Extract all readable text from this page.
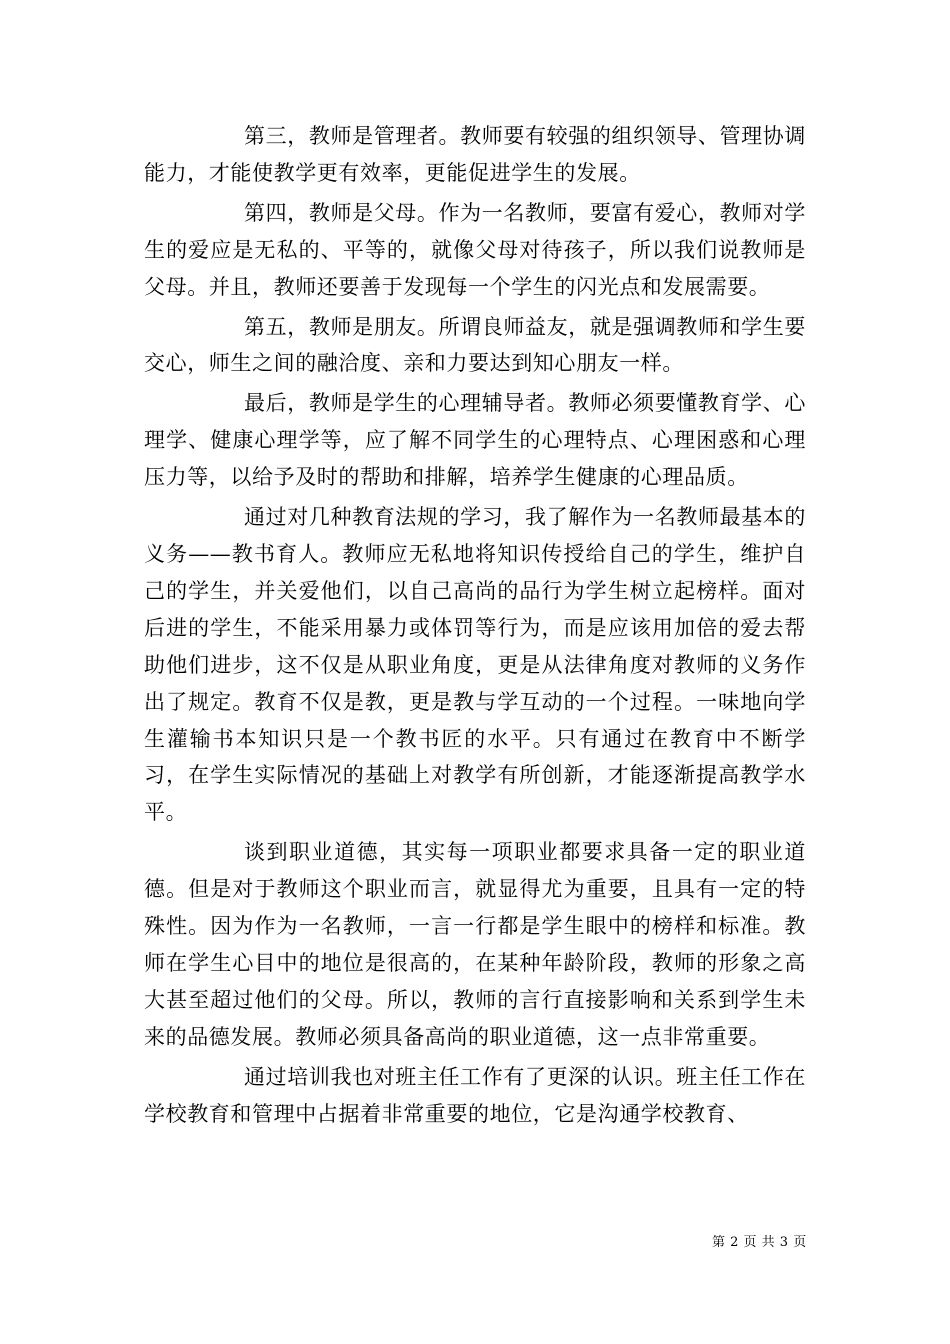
第三，教师是管理者。教师要有较强的组织领导、管理协调能力，才能使教学更有效率，更能促进学生的发展。

第四，教师是父母。作为一名教师，要富有爱心，教师对学生的爱应是无私的、平等的，就像父母对待孩子，所以我们说教师是父母。并且，教师还要善于发现每一个学生的闪光点和发展需要。

第五，教师是朋友。所谓良师益友，就是强调教师和学生要交心，师生之间的融洽度、亲和力要达到知心朋友一样。

最后，教师是学生的心理辅导者。教师必须要懂教育学、心理学、健康心理学等，应了解不同学生的心理特点、心理困惑和心理压力等，以给予及时的帮助和排解，培养学生健康的心理品质。

通过对几种教育法规的学习，我了解作为一名教师最基本的义务——教书育人。教师应无私地将知识传授给自己的学生，维护自己的学生，并关爱他们，以自己高尚的品行为学生树立起榜样。面对后进的学生，不能采用暴力或体罚等行为，而是应该用加倍的爱去帮助他们进步，这不仅是从职业角度，更是从法律角度对教师的义务作出了规定。教育不仅是教，更是教与学互动的一个过程。一味地向学生灌输书本知识只是一个教书匠的水平。只有通过在教育中不断学习，在学生实际情况的基础上对教学有所创新，才能逐渐提高教学水平。

谈到职业道德，其实每一项职业都要求具备一定的职业道德。但是对于教师这个职业而言，就显得尤为重要，且具有一定的特殊性。因为作为一名教师，一言一行都是学生眼中的榜样和标准。教师在学生心目中的地位是很高的，在某种年龄阶段，教师的形象之高大甚至超过他们的父母。所以，教师的言行直接影响和关系到学生未来的品德发展。教师必须具备高尚的职业道德，这一点非常重要。

通过培训我也对班主任工作有了更深的认识。班主任工作在学校教育和管理中占据着非常重要的地位，它是沟通学校教育、

第 2 页 共 3 页
